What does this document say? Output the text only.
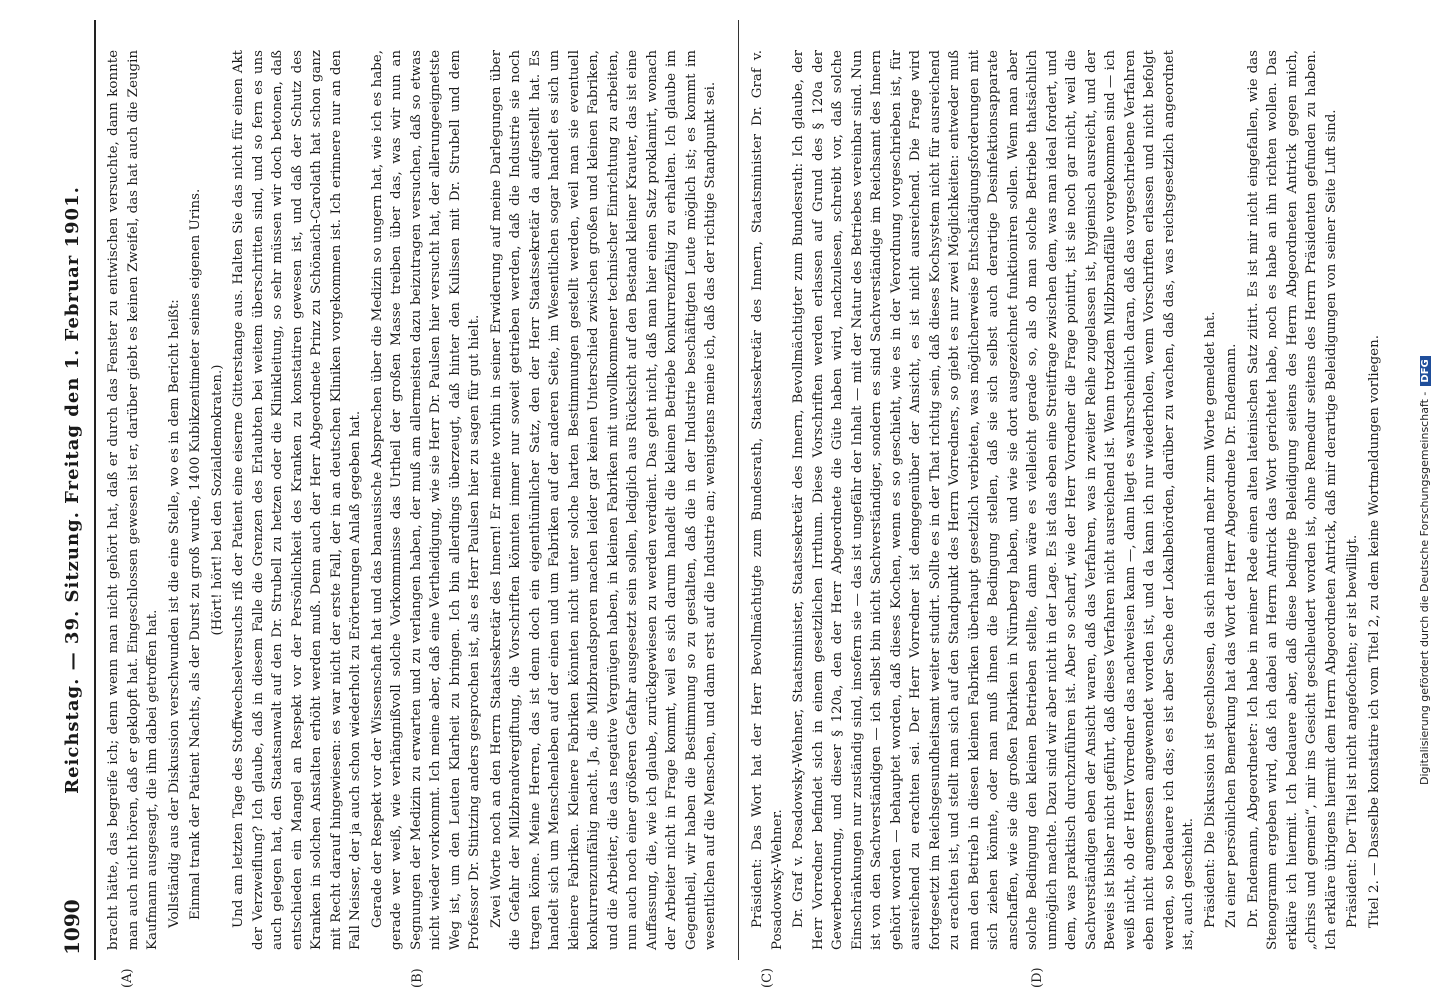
1090
Reichstag. — 39. Sitzung. Freitag den 1. Februar 1901.
(A)	(B)	(C)	(D)

bracht hätte, das begreife ich; denn wenn man nicht gehört hat, daß er durch das Fenster zu entwischen versuchte, dann konnte man auch nicht hören, daß er geklopft hat. Eingeschlossen gewesen ist er, darüber giebt es keinen Zweifel, das hat auch die Zeugin Kaufmann ausgesagt, die ihm dabei getroffen hat. Vollständig aus der Diskussion verschwunden ist die eine Stelle, wo es in dem Bericht heißt: Einmal trank der Patient Nachts, als der Durst zu groß wurde, 1400 Kubikzentimeter seines eigenen Urins. (Hört! hört! bei den Sozialdemokraten.) Und am letzten Tage des Stoffwechselversuchs riß der Patient eine eiserne Gitterstange aus. Halten Sie das nicht für einen Akt der Verzweiflung? Ich glaube, daß in diesem Falle die Grenzen des Erlaubten bei weitem überschritten sind, und so fern es uns auch gelegen hat, den Staatsanwalt auf den Dr. Strubell zu hetzen oder die Klinikleitung, so sehr müssen wir doch betonen, daß entschieden ein Mangel an Respekt vor der Persönlichkeit des Kranken zu konstatiren gewesen ist, und daß der Schutz des Kranken in solchen Anstalten erhöht werden muß. Denn auch der Herr Abgeordnete Prinz zu Schönaich-Carolath hat schon ganz mit Recht darauf hingewiesen: es war nicht der erste Fall, der in an deutschen Kliniken vorgekommen ist. Ich erinnere nur an den Fall Neisser, der ja auch schon wiederholt zu Erörterungen Anlaß gegeben hat. Gerade der Respekt vor der Wissenschaft hat und das banausische Absprechen über die Medizin so ungern hat, wie ich es habe, gerade wer weiß, wie verhängnißvoll solche Vorkommnisse das Urtheil der großen Masse treiben über das, was wir nun an Segnungen der Medizin zu erwarten und zu verlangen haben, der muß am allermeisten dazu beizutragen versuchen, daß so etwas nicht wieder vorkommt. Ich meine aber, daß eine Vertheidigung, wie sie Herr Dr. Paulsen hier versucht hat, der allerungeeignetste Weg ist, um den Leuten Klarheit zu bringen. Ich bin allerdings überzeugt, daß hinter den Kulissen mit Dr. Strubell und dem Professor Dr. Stintzing anders gesprochen ist, als es Herr Paulsen hier zu sagen für gut hielt. Zwei Worte noch an den Herrn Staatssekretär des Innern! Er meinte vorhin in seiner Erwiderung auf meine Darlegungen über die Gefahr der Milzbrandvergiftung, die Vorschriften könnten immer nur soweit getrieben werden, daß die Industrie sie noch tragen könne. Meine Herren, das ist denn doch ein eigenthümlicher Satz, den der Herr Staatssekretär da aufgestellt hat. Es handelt sich um Menschenleben auf der einen und um Fabriken auf der anderen Seite, im Wesentlichen sogar handelt es sich um kleinere Fabriken. Kleinere Fabriken könnten nicht unter solche harten Bestimmungen gestellt werden, weil man sie eventuell konkurrenzunfähig macht. Ja, die Milzbrandsporen machen leider gar keinen Unterschied zwischen großen und kleinen Fabriken, und die Arbeiter, die das negative Vergnügen haben, in kleinen Fabriken mit unvollkommener technischer Einrichtung zu arbeiten, nun auch noch einer größeren Gefahr ausgesetzt sein sollen, lediglich aus Rücksicht auf den Bestand kleiner Krauter, das ist eine Auffassung, die, wie ich glaube, zurückgewiesen zu werden verdient. Das geht nicht, daß man hier einen Satz proklamirt, wonach der Arbeiter nicht in Frage kommt, weil es sich darum handelt die kleinen Betriebe konkurrenzfähig zu erhalten. Ich glaube im Gegentheil, wir haben die Bestimmung so zu gestalten, daß die in der Industrie beschäftigten Leute möglich ist; es kommt im wesentlichen auf die Menschen, und dann erst auf die Industrie an; wenigstens meine ich, daß das der richtige Standpunkt sei. Präsident: Das Wort hat der Herr Bevollmächtigte zum Bundesrath, Staatssekretär des Innern, Staatsminister Dr. Graf v. Posadowsky-Wehner. Dr. Graf v. Posadowsky-Wehner, Staatsminister, Staatssekretär des Innern, Bevollmächtigter zum Bundesrath: Ich glaube, der Herr Vorredner befindet sich in einem gesetzlichen Irrthum. Diese Vorschriften werden erlassen auf Grund des § 120a der Gewerbeordnung, und dieser § 120a, den der Herr Abgeordnete die Güte haben wird, nachzulesen, schreibt vor, daß solche Einschränkungen nur zuständig sind, insofern sie — das ist ungefähr der Inhalt — mit der Natur des Betriebes vereinbar sind. Nun ist von den Sachverständigen — ich selbst bin nicht Sachverständiger, sondern es sind Sachverständige im Reichsamt des Innern gehört worden — behauptet worden, daß dieses Kochen, wenn es so geschieht, wie es in der Verordnung vorgeschrieben ist, für ausreichend zu erachten sei. Der Herr Vorredner ist demgegenüber der Ansicht, es ist nicht ausreichend. Die Frage wird fortgesetzt im Reichsgesundheitsamt weiter studirt. Sollte es in der That richtig sein, daß dieses Kochsystem nicht für ausreichend zu erachten ist, und stellt man sich auf den Standpunkt des Herrn Vorredners, so giebt es nur zwei Möglichkeiten: entweder muß man den Betrieb in diesen kleinen Fabriken überhaupt gesetzlich verbieten, was möglicherweise Entschädigungsforderungen mit sich ziehen könnte, oder man muß ihnen die Bedingung stellen, daß sie sich selbst auch derartige Desinfektionsapparate anschaffen, wie sie die großen Fabriken in Nürnberg haben, und wie sie dort ausgezeichnet funktioniren sollen. Wenn man aber solche Bedingung den kleinen Betrieben stellte, dann wäre es vielleicht gerade so, als ob man solche Betriebe thatsächlich unmöglich machte. Dazu sind wir aber nicht in der Lage. Es ist das eben eine Streitfrage zwischen dem, was man ideal fordert, und dem, was praktisch durchzuführen ist. Aber so scharf, wie der Herr Vorredner die Frage pointirt, ist sie noch gar nicht, weil die Sachverständigen eben der Ansicht waren, daß das Verfahren, was in zweiter Reihe zugelassen ist, hygienisch ausreicht, und der Beweis ist bisher nicht geführt, daß dieses Verfahren nicht ausreichend ist. Wenn trotzdem Milzbrandfälle vorgekommen sind — ich weiß nicht, ob der Herr Vorredner das nachweisen kann —, dann liegt es wahrscheinlich daran, daß das vorgeschriebene Verfahren eben nicht angemessen angewendet worden ist, und da kann ich nur wiederholen, wenn Vorschriften erlassen und nicht befolgt werden, so bedauere ich das; es ist aber Sache der Lokalbehörden, darüber zu wachen, daß das, was reichsgesetzlich angeordnet ist, auch geschieht. Präsident: Die Diskussion ist geschlossen, da sich niemand mehr zum Worte gemeldet hat. Zu einer persönlichen Bemerkung hat das Wort der Herr Abgeordnete Dr. Endemann. Dr. Endemann, Abgeordneter: Ich habe in meiner Rede einen alten lateinischen Satz zitirt. Es ist mir nicht eingefallen, wie das Stenogramm ergeben wird, daß ich dabei an Herrn Antrick das Wort gerichtet habe, noch es habe an ihn richten wollen. Das erkläre ich hiermit. Ich bedauere aber, daß diese bedingte Beleidigung seitens des Herrn Abgeordneten Antrick gegen mich, „chriss und gemein“, mir ins Gesicht geschleudert worden ist, ohne Remedur seitens des Herrn Präsidenten gefunden zu haben. Ich erkläre übrigens hiermit dem Herrn Abgeordneten Antrick, daß mir derartige Beleidigungen von seiner Seite Luft sind. Präsident: Der Titel ist nicht angefochten; er ist bewilligt. Titel 2. — Dasselbe konstatire ich vom Titel 2, zu dem keine Wortmeldungen vorliegen.	Digitalisierung gefördert durch die Deutsche Forschungsgemeinschaft -DFG
